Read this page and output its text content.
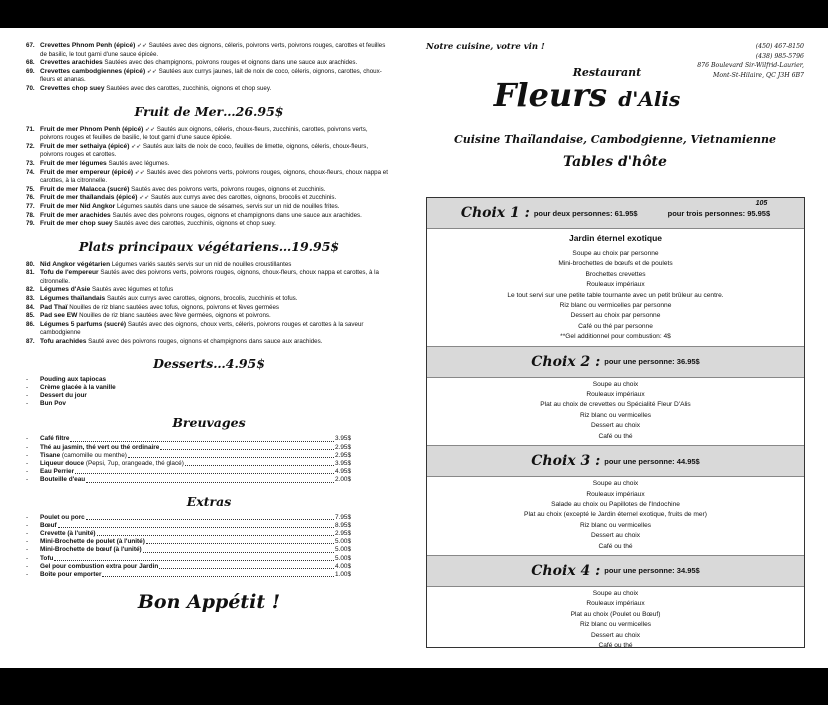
67. Crevettes Phnom Penh (épicé) ➶➶ Sautées avec des oignons, céleris, poivrons verts, poivrons rouges, carottes et feuilles de basilic, le tout garni d'une sauce épicée.
68. Crevettes arachides Sautées avec des champignons, poivrons rouges et oignons dans une sauce aux arachides.
69. Crevettes cambodgiennes (épicé) ➶➶ Sautées aux currys jaunes, lait de noix de coco, céleris, oignons, carottes, choux-fleurs et ananas.
70. Crevettes chop suey Sautées avec des carottes, zucchinis, oignons et chop suey.
Fruit de Mer…26.95$
71. Fruit de mer Phnom Penh (épicé) ➶➶ Sautés aux oignons, céleris, choux-fleurs, zucchinis, carottes, poivrons verts, poivrons rouges et feuilles de basilic, le tout garni d'une sauce épicée.
72. Fruit de mer sethaiya (épicé) ➶➶ Sautés aux laits de noix de coco, feuilles de limette, oignons, céleris, choux-fleurs, poivrons rouges et carottes.
73. Fruit de mer légumes Sautés avec légumes.
74. Fruit de mer empereur (épicé) ➶➶ Sautés avec des poivrons verts, poivrons rouges, oignons, choux-fleurs, choux nappa et carottes, à la citronnelle.
75. Fruit de mer Malacca (sucré) Sautés avec des poivrons verts, poivrons rouges, oignons et zucchinis.
76. Fruit de mer thaïlandais (épicé) ➶➶ Sautés aux currys avec des carottes, oignons, brocolis et zucchinis.
77. Fruit de mer Nid Angkor Légumes sautés dans une sauce de sésames, servis sur un nid de nouilles frites.
78. Fruit de mer arachides Sautés avec des poivrons rouges, oignons et champignons dans une sauce aux arachides.
79. Fruit de mer chop suey Sautés avec des carottes, zucchinis, oignons et chop suey.
Plats principaux végétariens…19.95$
80. Nid Angkor végétarien Légumes variés sautés servis sur un nid de nouilles croustillantes
81. Tofu de l'empereur Sautés avec des poivrons verts, poivrons rouges, oignons, choux-fleurs, choux nappa et carottes, à la citronnelle.
82. Légumes d'Asie Sautés avec légumes et tofus
83. Légumes thaïlandais Sautés aux currys avec carottes, oignons, brocolis, zucchinis et tofus.
84. Pad Thaï Nouilles de riz blanc sautées avec tofus, oignons, poivrons et fèves germées
85. Pad see EW Nouilles de riz blanc sautées avec fève germées, oignons et poivrons.
86. Légumes 5 parfums (sucré) Sautés avec des oignons, choux verts, céleris, poivrons rouges et carottes à la saveur cambodgienne
87. Tofu arachides Sauté avec des poivrons rouges, oignons et champignons dans sauce aux arachides.
Desserts…4.95$
-	Pouding aux tapiocas
-	Crème glacée à la vanille
-	Dessert du jour
-	Bun Pov
Breuvages
-	Café filtre	3.95$
-	Thé au jasmin, thé vert ou thé ordinaire	2.95$
-	Tisane (camomille ou menthe)	2.95$
-	Liqueur douce (Pepsi, 7up, orangeade, thé glacé)	3.95$
-	Eau Perrier	4.95$
-	Bouteille d'eau	2.00$
Extras
-	Poulet ou porc	7.95$
-	Bœuf	8.95$
-	Crevette (à l'unité)	2.95$
-	Mini-Brochette de poulet (à l'unité)	5.00$
-	Mini-Brochette de bœuf (à l'unité)	5.00$
-	Tofu	5.00$
-	Gel pour combustion extra pour Jardin	4.00$
-	Boîte pour emporter	1.00$
Bon Appétit !
Notre cuisine, votre vin !	(450) 467-8150
(438) 985-5796
876 Boulevard Sir-Wilfrid-Laurier,
Mont-St-Hilaire, QC J3H 6B7
Restaurant
Fleurs d'Alis
Cuisine Thaïlandaise, Cambodgienne, Vietnamienne
Tables d'hôte
Choix 1 : pour deux personnes: 61.95$	pour trois personnes: 95.95$
105
Jardin éternel exotique
Soupe au choix par personne
Mini-brochettes de bœufs et de poulets
Brochettes crevettes
Rouleaux impériaux
Le tout servi sur une petite table tournante avec un petit brûleur au centre.
Riz blanc ou vermicelles par personne
Dessert au choix par personne
Café ou thé par personne
**Gel additionnel pour combustion: 4$
Choix 2 : pour une personne: 36.95$
Soupe au choix
Rouleaux impériaux
Plat au choix de crevettes ou Spécialité Fleur D'Alis
Riz blanc ou vermicelles
Dessert au choix
Café ou thé
Choix 3 : pour une personne: 44.95$
Soupe au choix
Rouleaux impériaux
Salade au choix ou Papillotes de l'Indochine
Plat au choix (excepté le Jardin éternel exotique, fruits de mer)
Riz blanc ou vermicelles
Dessert au choix
Café ou thé
Choix 4 : pour une personne: 34.95$
Soupe au choix
Rouleaux impériaux
Plat au choix (Poulet ou Bœuf)
Riz blanc ou vermicelles
Dessert au choix
Café ou thé
